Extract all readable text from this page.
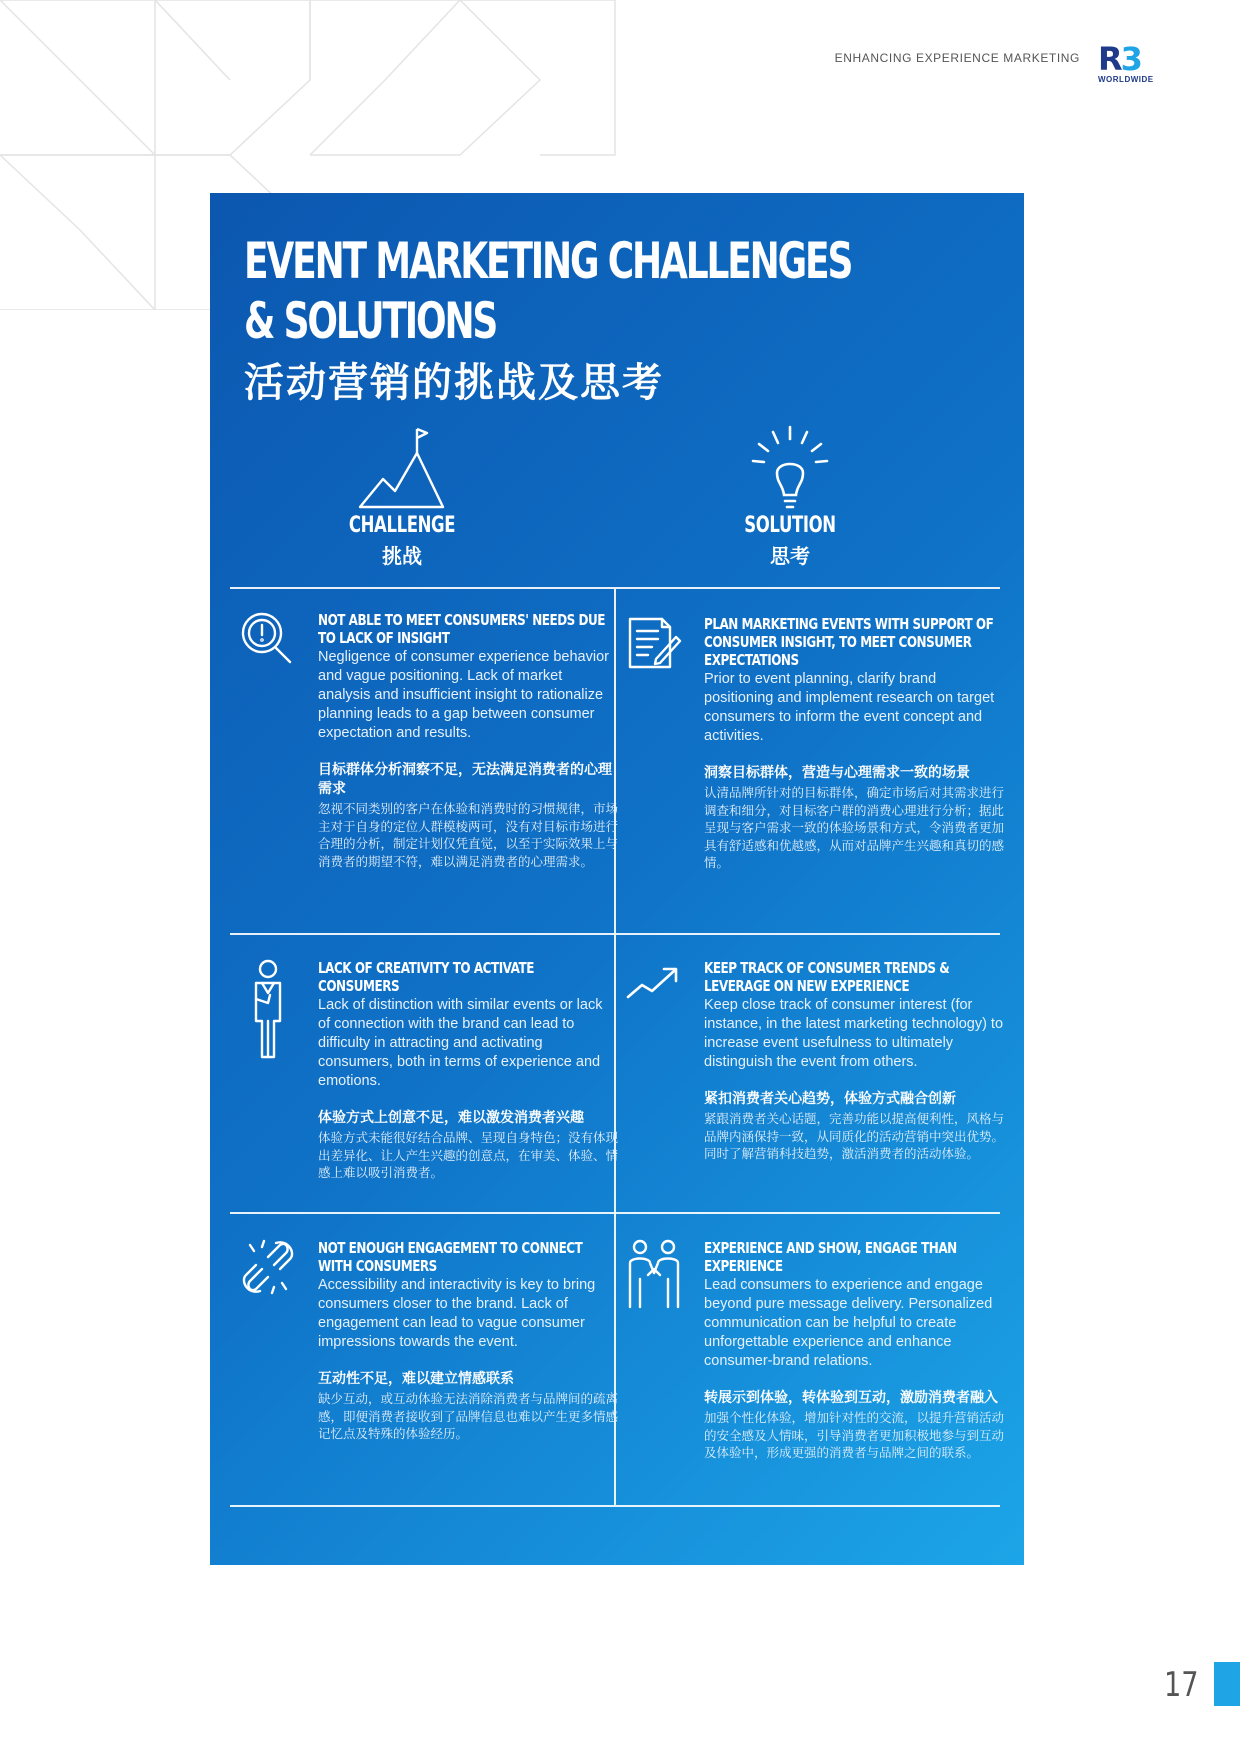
ENHANCING EXPERIENCE MARKETING R3
WORLDWIDE
EVENT MARKETING CHALLENGES
& SOLUTIONS
活动营销的挑战及思考
CHALLENGE
挑战
SOLUTION
思考
NOT ABLE TO MEET CONSUMERS' NEEDS DUE TO LACK OF INSIGHT
Negligence of consumer experience behavior and vague positioning. Lack of market analysis and insufficient insight to rationalize planning leads to a gap between consumer expectation and results.
目标群体分析洞察不足，无法满足消费者的心理需求
忽视不同类别的客户在体验和消费时的习惯规律，市场主对于自身的定位人群模棱两可，没有对目标市场进行合理的分析，制定计划仅凭直觉，以至于实际效果上与消费者的期望不符，难以满足消费者的心理需求。
PLAN MARKETING EVENTS WITH SUPPORT OF CONSUMER INSIGHT, TO MEET CONSUMER EXPECTATIONS
Prior to event planning, clarify brand positioning and implement research on target consumers to inform the event concept and activities.
洞察目标群体，营造与心理需求一致的场景
认清品牌所针对的目标群体，确定市场后对其需求进行调查和细分，对目标客户群的消费心理进行分析；据此呈现与客户需求一致的体验场景和方式，令消费者更加具有舒适感和优越感，从而对品牌产生兴趣和真切的感情。
LACK OF CREATIVITY TO ACTIVATE CONSUMERS
Lack of distinction with similar events or lack of connection with the brand can lead to difficulty in attracting and activating consumers, both in terms of experience and emotions.
体验方式上创意不足，难以激发消费者兴趣
体验方式未能很好结合品牌、呈现自身特色；没有体现出差异化、让人产生兴趣的创意点，在审美、体验、情感上难以吸引消费者。
KEEP TRACK OF CONSUMER TRENDS & LEVERAGE ON NEW EXPERIENCE
Keep close track of consumer interest (for instance, in the latest marketing technology) to increase event usefulness to ultimately distinguish the event from others.
紧扣消费者关心趋势，体验方式融合创新
紧跟消费者关心话题，完善功能以提高便利性，风格与品牌内涵保持一致，从同质化的活动营销中突出优势。同时了解营销科技趋势，激活消费者的活动体验。
NOT ENOUGH ENGAGEMENT TO CONNECT WITH CONSUMERS
Accessibility and interactivity is key to bring consumers closer to the brand. Lack of engagement can lead to vague consumer impressions towards the event.
互动性不足，难以建立情感联系
缺少互动，或互动体验无法消除消费者与品牌间的疏离感，即便消费者接收到了品牌信息也难以产生更多情感记忆点及特殊的体验经历。
EXPERIENCE AND SHOW, ENGAGE THAN EXPERIENCE
Lead consumers to experience and engage beyond pure message delivery. Personalized communication can be helpful to create unforgettable experience and enhance consumer-brand relations.
转展示到体验，转体验到互动，激励消费者融入
加强个性化体验，增加针对性的交流，以提升营销活动的安全感及人情味，引导消费者更加积极地参与到互动及体验中，形成更强的消费者与品牌之间的联系。
17
